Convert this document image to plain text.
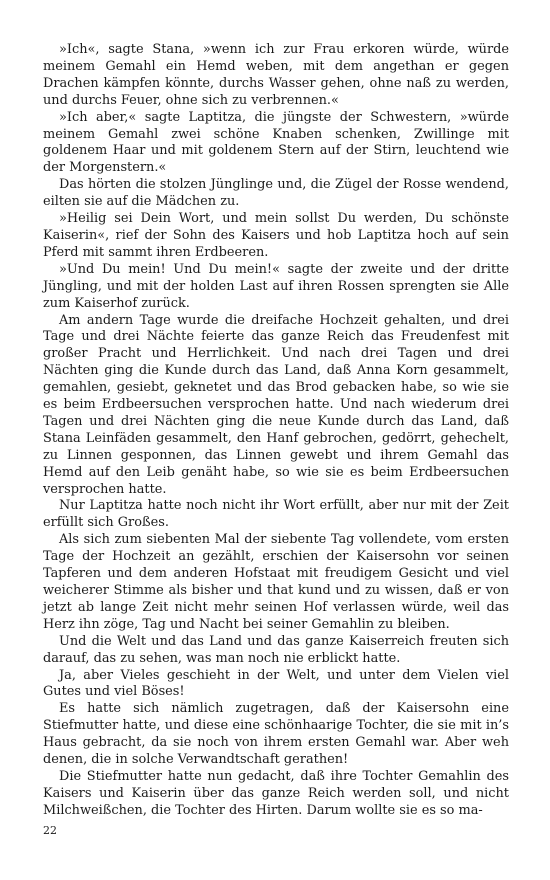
»Ich«, sagte Stana, »wenn ich zur Frau erkoren würde, würde meinem Gemahl ein Hemd weben, mit dem angethan er gegen Drachen kämpfen könnte, durchs Wasser gehen, ohne naß zu werden, und durchs Feuer, ohne sich zu verbrennen.«

»Ich aber,« sagte Laptitza, die jüngste der Schwestern, »würde meinem Gemahl zwei schöne Knaben schenken, Zwillinge mit goldenem Haar und mit goldenem Stern auf der Stirn, leuchtend wie der Morgenstern.«

Das hörten die stolzen Jünglinge und, die Zügel der Rosse wendend, eilten sie auf die Mädchen zu.

»Heilig sei Dein Wort, und mein sollst Du werden, Du schönste Kaiserin«, rief der Sohn des Kaisers und hob Laptitza hoch auf sein Pferd mit sammt ihren Erdbeeren.

»Und Du mein! Und Du mein!« sagte der zweite und der dritte Jüngling, und mit der holden Last auf ihren Rossen sprengten sie Alle zum Kaiserhof zurück.

Am andern Tage wurde die dreifache Hochzeit gehalten, und drei Tage und drei Nächte feierte das ganze Reich das Freudenfest mit großer Pracht und Herrlichkeit. Und nach drei Tagen und drei Nächten ging die Kunde durch das Land, daß Anna Korn gesammelt, gemahlen, gesiebt, geknetet und das Brod gebacken habe, so wie sie es beim Erdbeersuchen versprochen hatte. Und nach wiederum drei Tagen und drei Nächten ging die neue Kunde durch das Land, daß Stana Leinfäden gesammelt, den Hanf gebrochen, gedörrt, gehechelt, zu Linnen gesponnen, das Linnen gewebt und ihrem Gemahl das Hemd auf den Leib genäht habe, so wie sie es beim Erdbeersuchen versprochen hatte.

Nur Laptitza hatte noch nicht ihr Wort erfüllt, aber nur mit der Zeit erfüllt sich Großes.

Als sich zum siebenten Mal der siebente Tag vollendete, vom ersten Tage der Hochzeit an gezählt, erschien der Kaisersohn vor seinen Tapferen und dem anderen Hofstaat mit freudigem Gesicht und viel weicherer Stimme als bisher und that kund und zu wissen, daß er von jetzt ab lange Zeit nicht mehr seinen Hof verlassen würde, weil das Herz ihn zöge, Tag und Nacht bei seiner Gemahlin zu bleiben.

Und die Welt und das Land und das ganze Kaiserreich freuten sich darauf, das zu sehen, was man noch nie erblickt hatte.

Ja, aber Vieles geschieht in der Welt, und unter dem Vielen viel Gutes und viel Böses!

Es hatte sich nämlich zugetragen, daß der Kaisersohn eine Stiefmutter hatte, und diese eine schönhaarige Tochter, die sie mit in’s Haus gebracht, da sie noch von ihrem ersten Gemahl war. Aber weh denen, die in solche Verwandtschaft gerathen!

Die Stiefmutter hatte nun gedacht, daß ihre Tochter Gemahlin des Kaisers und Kaiserin über das ganze Reich werden soll, und nicht Milchweißchen, die Tochter des Hirten. Darum wollte sie es so ma-

22
